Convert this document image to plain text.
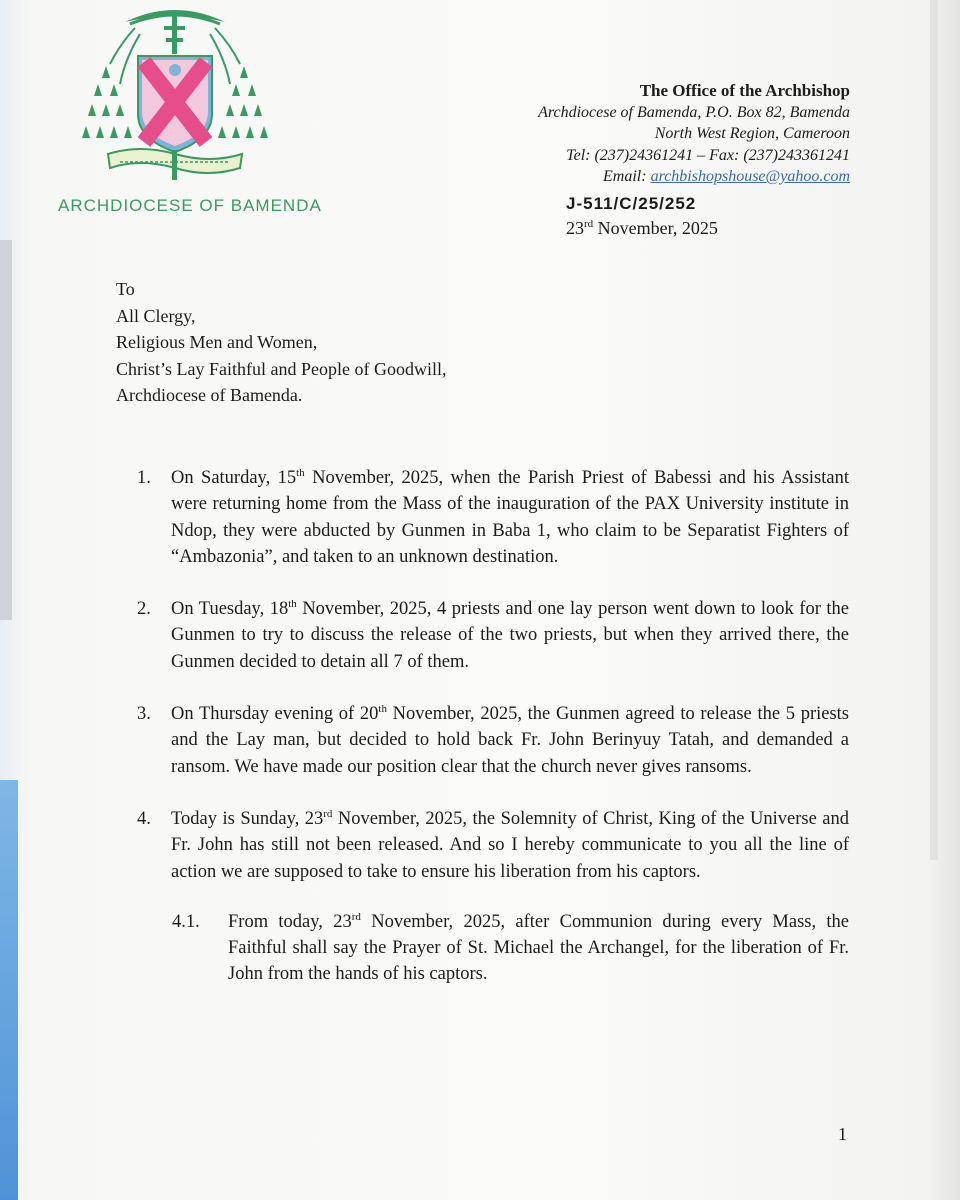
ARCHDIOCESE OF BAMENDA
The Office of the Archbishop
Archdiocese of Bamenda, P.O. Box 82, Bamenda
North West Region, Cameroon
Tel: (237)24361241 – Fax: (237)243361241
Email: archbishopshouse@yahoo.com
J-511/C/25/252
23rd November, 2025
To
All Clergy,
Religious Men and Women,
Christ’s Lay Faithful and People of Goodwill,
Archdiocese of Bamenda.
1.	On Saturday, 15th November, 2025, when the Parish Priest of Babessi and his Assistant were returning home from the Mass of the inauguration of the PAX University institute in Ndop, they were abducted by Gunmen in Baba 1, who claim to be Separatist Fighters of “Ambazonia”, and taken to an unknown destination.
2.	On Tuesday, 18th November, 2025, 4 priests and one lay person went down to look for the Gunmen to try to discuss the release of the two priests, but when they arrived there, the Gunmen decided to detain all 7 of them.
3.	On Thursday evening of 20th November, 2025, the Gunmen agreed to release the 5 priests and the Lay man, but decided to hold back Fr. John Berinyuy Tatah, and demanded a ransom. We have made our position clear that the church never gives ransoms.
4.	Today is Sunday, 23rd November, 2025, the Solemnity of Christ, King of the Universe and Fr. John has still not been released. And so I hereby communicate to you all the line of action we are supposed to take to ensure his liberation from his captors.
4.1.	From today, 23rd November, 2025, after Communion during every Mass, the Faithful shall say the Prayer of St. Michael the Archangel, for the liberation of Fr. John from the hands of his captors.
1
